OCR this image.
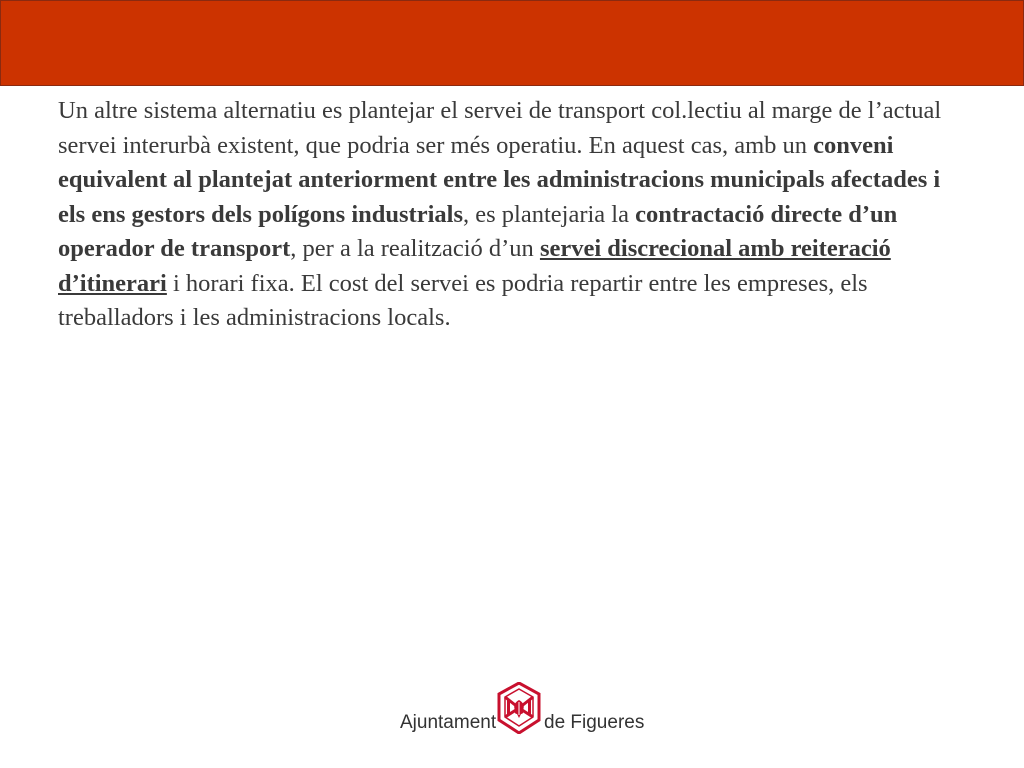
Un altre sistema alternatiu es plantejar el servei de transport col.lectiu al marge de l’actual servei interurbà existent, que podria ser més operatiu. En aquest cas, amb un conveni equivalent al plantejat anteriorment entre les administracions municipals afectades i els ens gestors dels polígons industrials, es plantejaria la contractació directe d’un operador de transport, per a la realització d’un servei discrecional amb reiteració d’itinerari i horari fixa. El cost del servei es podria repartir entre les empreses, els treballadors i les administracions locals.

Ajuntament	de Figueres
